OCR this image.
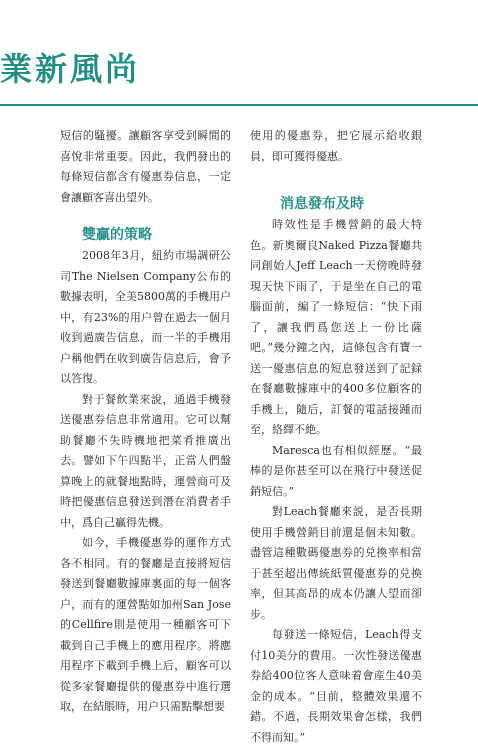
業新風尚

短信的騷擾。讓顧客享受到瞬間的喜悅非常重要。因此，我們發出的每條短信都含有優惠券信息，一定會讓顧客喜出望外。

雙贏的策略

2008年3月，紐約市場調研公司The Nielsen Company公布的數據表明，全美5800萬的手機用户中，有23%的用户曾在過去一個月收到過廣告信息，而一半的手機用户稱他們在收到廣告信息后，會予以答復。

對于餐飲業來說，通過手機發送優惠券信息非常適用。它可以幫助餐廳不失時機地把菜肴推廣出去。譬如下午四點半，正當人們盤算晚上的就餐地點時，運營商可及時把優惠信息發送到潛在消費者手中，爲自己贏得先機。

如今，手機優惠券的運作方式各不相同。有的餐廳是直接將短信發送到餐廳數據庫裏面的每一個客户，而有的運營點如加州San Jose的Cellfire則是使用一種顧客可下載到自己手機上的應用程序。將應用程序下載到手機上后，顧客可以從多家餐廳提供的優惠券中進行選取，在結賬時，用户只需點擊想要

使用的優惠券，把它展示給收銀員，即可獲得優惠。

消息發布及時

時效性是手機營銷的最大特色。新奧爾良Naked Pizza餐廳共同創始人Jeff Leach一天傍晚時發現天快下雨了，于是坐在自己的電腦面前，編了一條短信：“快下雨了，讓我們爲您送上一份比薩吧。”幾分鐘之內，這條包含有寶一送一優惠信息的短息發送到了記録在餐廳數據庫中的400多位顧客的手機上，隨后，訂餐的電話接踵而至，絡繹不絶。

Maresca也有相似經歷。“最棒的是你甚至可以在飛行中發送促銷短信。”

對Leach餐廳來説，是否長期使用手機營銷目前還是個未知數。盡管這種數碼優惠券的兑換率相當于甚至超出傳統紙質優惠券的兑換率，但其高昂的成本仍讓人望而卻步。

每發送一條短信，Leach得支付10美分的費用。一次性發送優惠券給400位客人意味着會産生40美金的成本。“目前，整體效果還不錯。不過，長期效果會怎樣，我們不得而知。”
